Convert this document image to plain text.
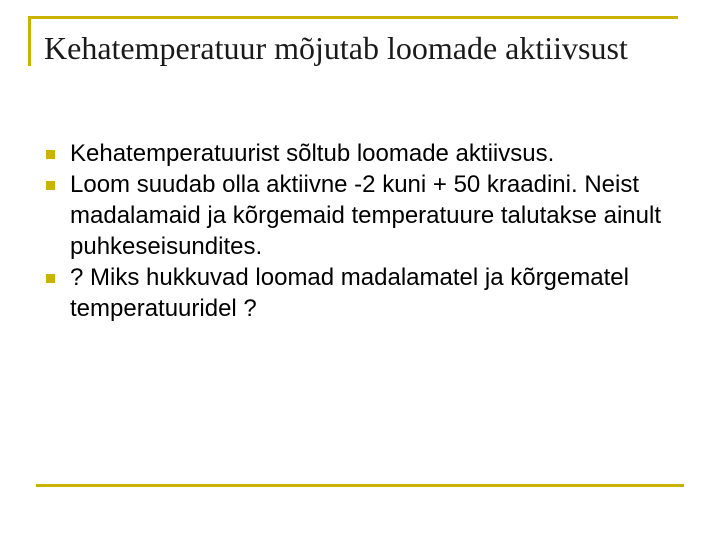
Kehatemperatuur mõjutab loomade aktiivsust
Kehatemperatuurist sõltub loomade aktiivsus.
Loom suudab olla aktiivne -2 kuni + 50 kraadini. Neist madalamaid ja kõrgemaid temperatuure talutakse ainult puhkeseisundites.
? Miks hukkuvad loomad madalamatel ja kõrgematel temperatuuridel ?
